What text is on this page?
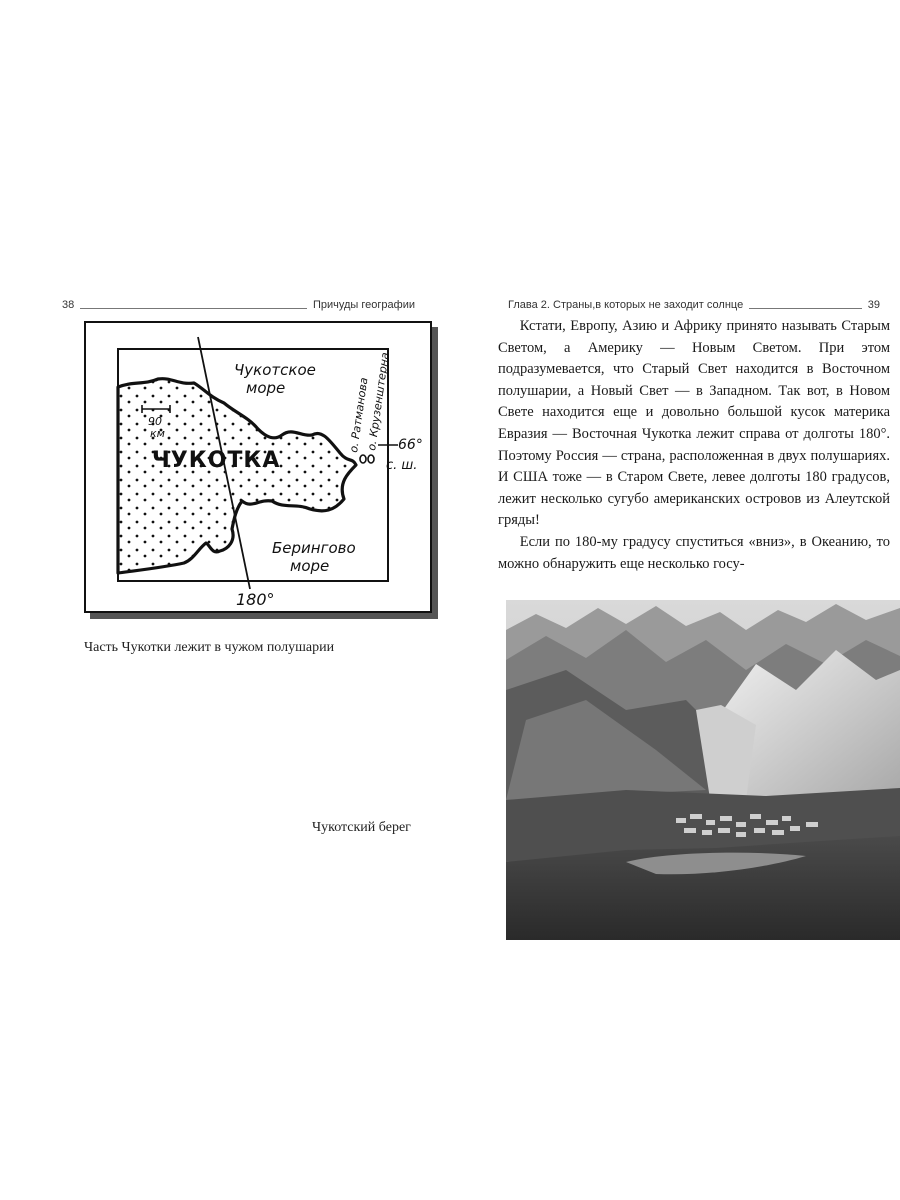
38	Причуды географии
Чукотское
море
90
км
ЧУКОТКА
о. Ратманова
о. Крузенштерна 66°
с. ш.
Берингово
море
180°
Часть Чукотки лежит в чужом полушарии
Чукотский берег
Глава 2. Страны,в которых не заходит солнце	39

Кстати, Европу, Азию и Африку принято называть Старым Светом, а Америку — Новым Светом. При этом подразумевается, что Старый Свет находится в Восточном полушарии, а Новый Свет — в Западном. Так вот, в Новом Свете находится еще и довольно большой кусок материка Евразия — Восточная Чукотка лежит справа от долготы 180°. Поэтому Россия — страна, расположенная в двух полушариях. И США тоже — в Старом Свете, левее долготы 180 градусов, лежит несколько сугубо американских островов из Алеутской гряды!

Если по 180-му градусу спуститься «вниз», в Океанию, то можно обнаружить еще несколько госу-
